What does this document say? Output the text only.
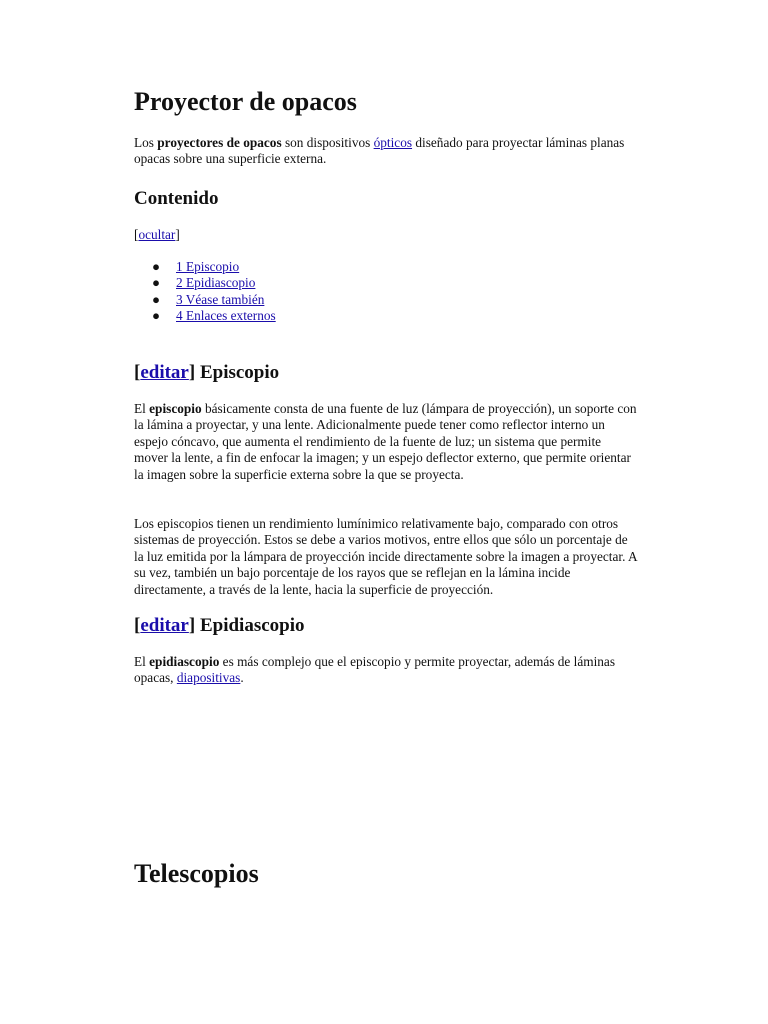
Proyector de opacos

Los proyectores de opacos son dispositivos ópticos diseñado para proyectar láminas planas opacas sobre una superficie externa.

Contenido

[ocultar]

● 1 Episcopio
● 2 Epidiascopio
● 3 Véase también
● 4 Enlaces externos
[editar] Episcopio

El episcopio básicamente consta de una fuente de luz (lámpara de proyección), un soporte con la lámina a proyectar, y una lente. Adicionalmente puede tener como reflector interno un espejo cóncavo, que aumenta el rendimiento de la fuente de luz; un sistema que permite mover la lente, a fin de enfocar la imagen; y un espejo deflector externo, que permite orientar la imagen sobre la superficie externa sobre la que se proyecta.

Los episcopios tienen un rendimiento lumínimico relativamente bajo, comparado con otros sistemas de proyección. Estos se debe a varios motivos, entre ellos que sólo un porcentaje de la luz emitida por la lámpara de proyección incide directamente sobre la imagen a proyectar. A su vez, también un bajo porcentaje de los rayos que se reflejan en la lámina incide directamente, a través de la lente, hacia la superficie de proyección.

[editar] Epidiascopio

El epidiascopio es más complejo que el episcopio y permite proyectar, además de láminas opacas, diapositivas.

Telescopios
